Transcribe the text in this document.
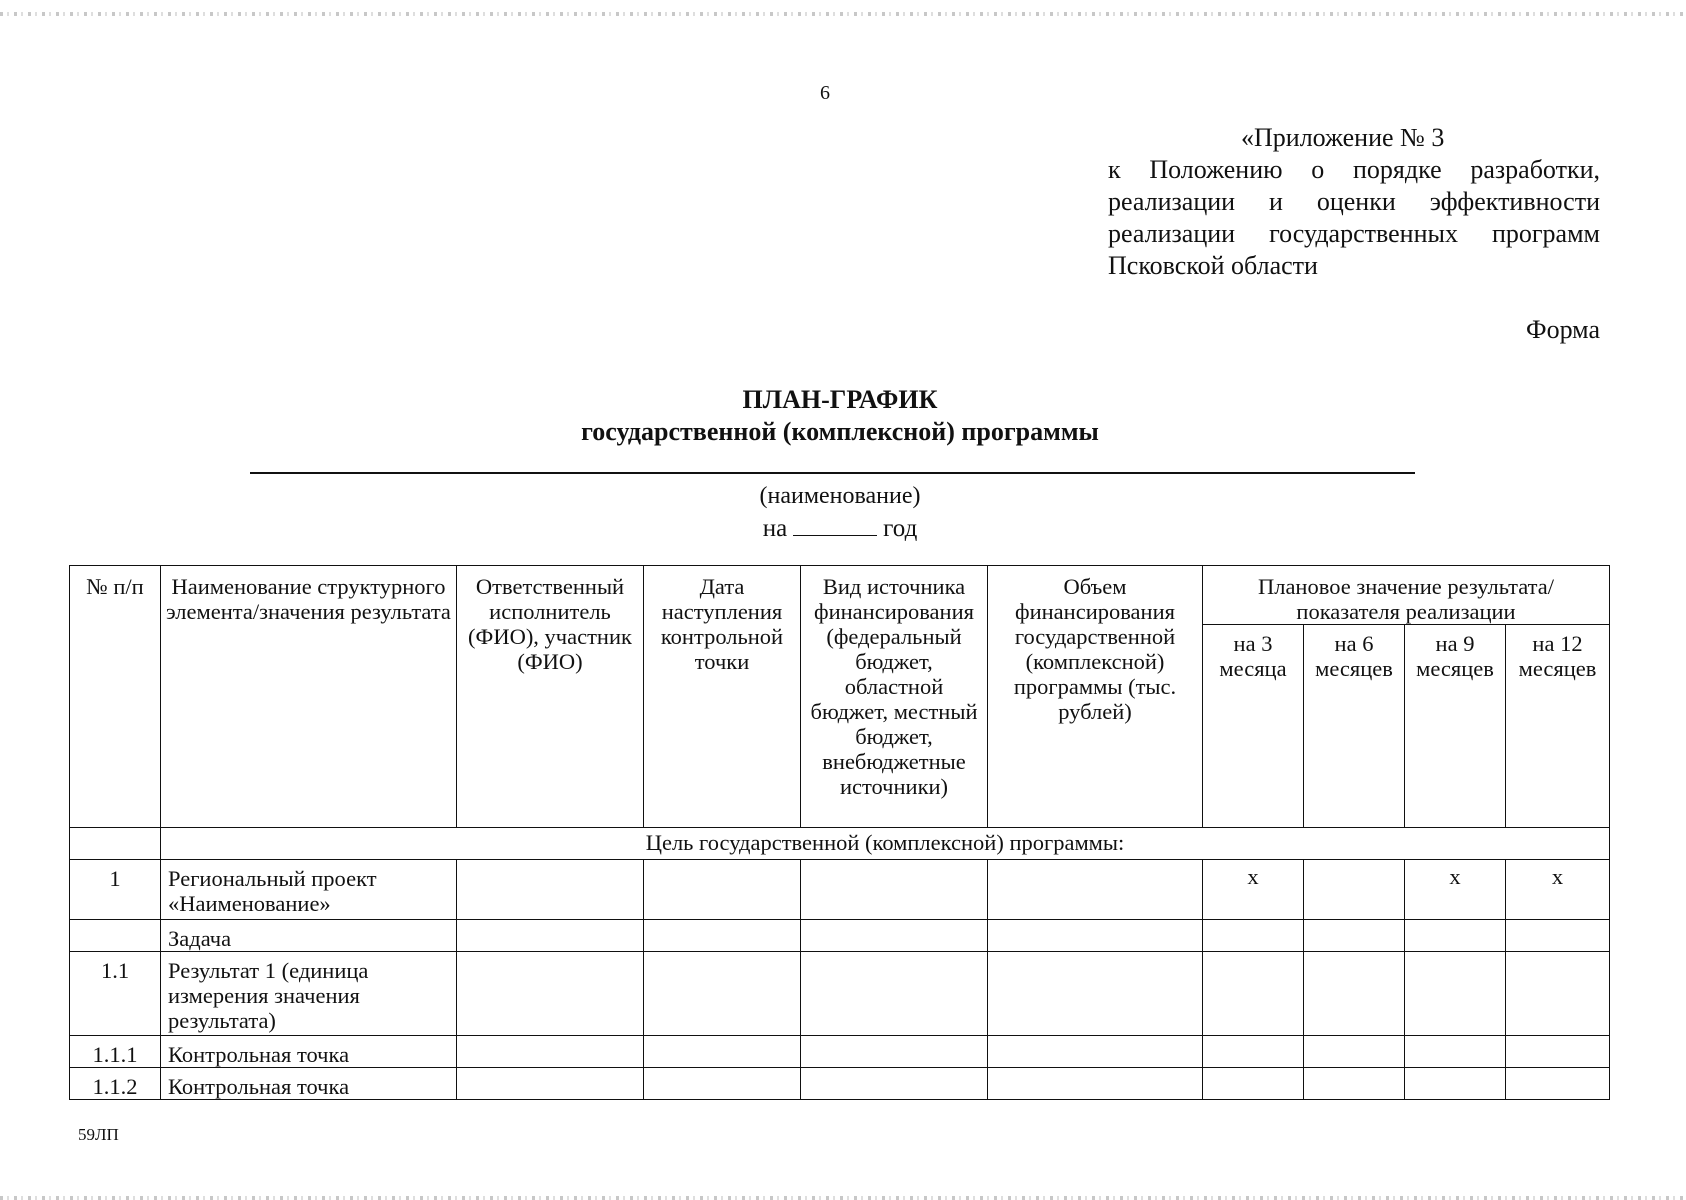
6
«Приложение № 3
к Положению о порядке разработки, реализации и оценки эффективности реализации государственных программ Псковской области
Форма
ПЛАН-ГРАФИК
государственной (комплексной) программы
(наименование)
на	год
№ п/п	Наименование структурного элемента/значения результата	Ответственный исполнитель (ФИО), участник (ФИО)	Дата наступления контрольной точки	Вид источника финансирования (федеральный бюджет, областной бюджет, местный бюджет, внебюджетные источники)	Объем финансирования государственной (комплексной) программы (тыс. рублей)	Плановое значение результата/показателя реализации			
						на 3 месяца	на 6 месяцев	на 9 месяцев	на 12 месяцев
	Цель государственной (комплексной) программы:								
1	Региональный проект «Наименование»					x		x	x
	Задача								
1.1	Результат 1 (единица измерения значения результата)								
1.1.1	Контрольная точка								
1.1.2	Контрольная точка								
59ЛП
